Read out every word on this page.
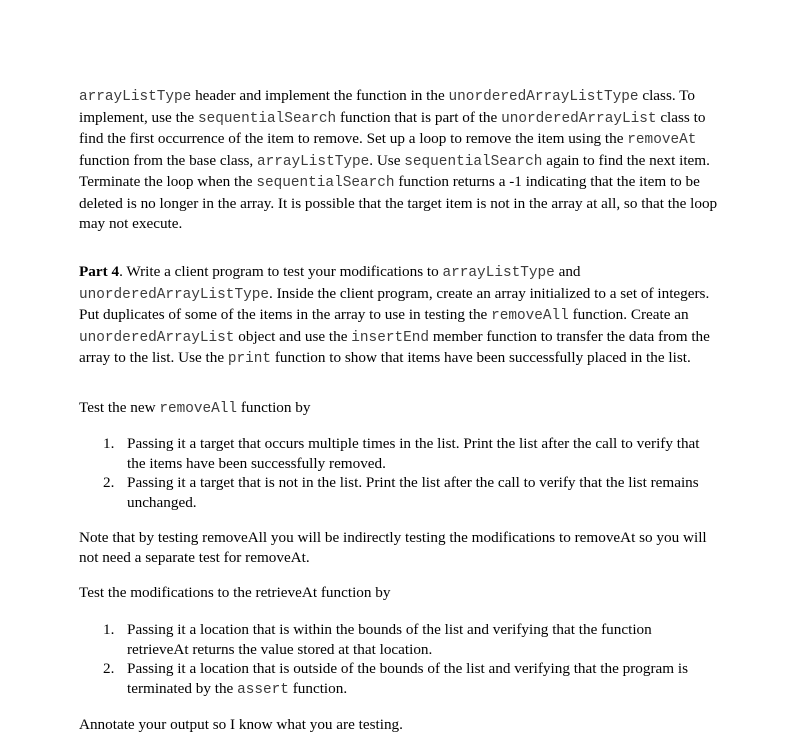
arrayListType header and implement the function in the unorderedArrayListType class. To implement, use the sequentialSearch function that is part of the unorderedArrayList class to find the first occurrence of the item to remove. Set up a loop to remove the item using the removeAt function from the base class, arrayListType. Use sequentialSearch again to find the next item. Terminate the loop when the sequentialSearch function returns a -1 indicating that the item to be deleted is no longer in the array. It is possible that the target item is not in the array at all, so that the loop may not execute.

Part 4. Write a client program to test your modifications to arrayListType and unorderedArrayListType. Inside the client program, create an array initialized to a set of integers. Put duplicates of some of the items in the array to use in testing the removeAll function. Create an unorderedArrayList object and use the insertEnd member function to transfer the data from the array to the list. Use the print function to show that items have been successfully placed in the list.

Test the new removeAll function by

1. Passing it a target that occurs multiple times in the list. Print the list after the call to verify that the items have been successfully removed.
2. Passing it a target that is not in the list. Print the list after the call to verify that the list remains unchanged.

Note that by testing removeAll you will be indirectly testing the modifications to removeAt so you will not need a separate test for removeAt.

Test the modifications to the retrieveAt function by

1. Passing it a location that is within the bounds of the list and verifying that the function retrieveAt returns the value stored at that location.
2. Passing it a location that is outside of the bounds of the list and verifying that the program is terminated by the assert function.

Annotate your output so I know what you are testing.
